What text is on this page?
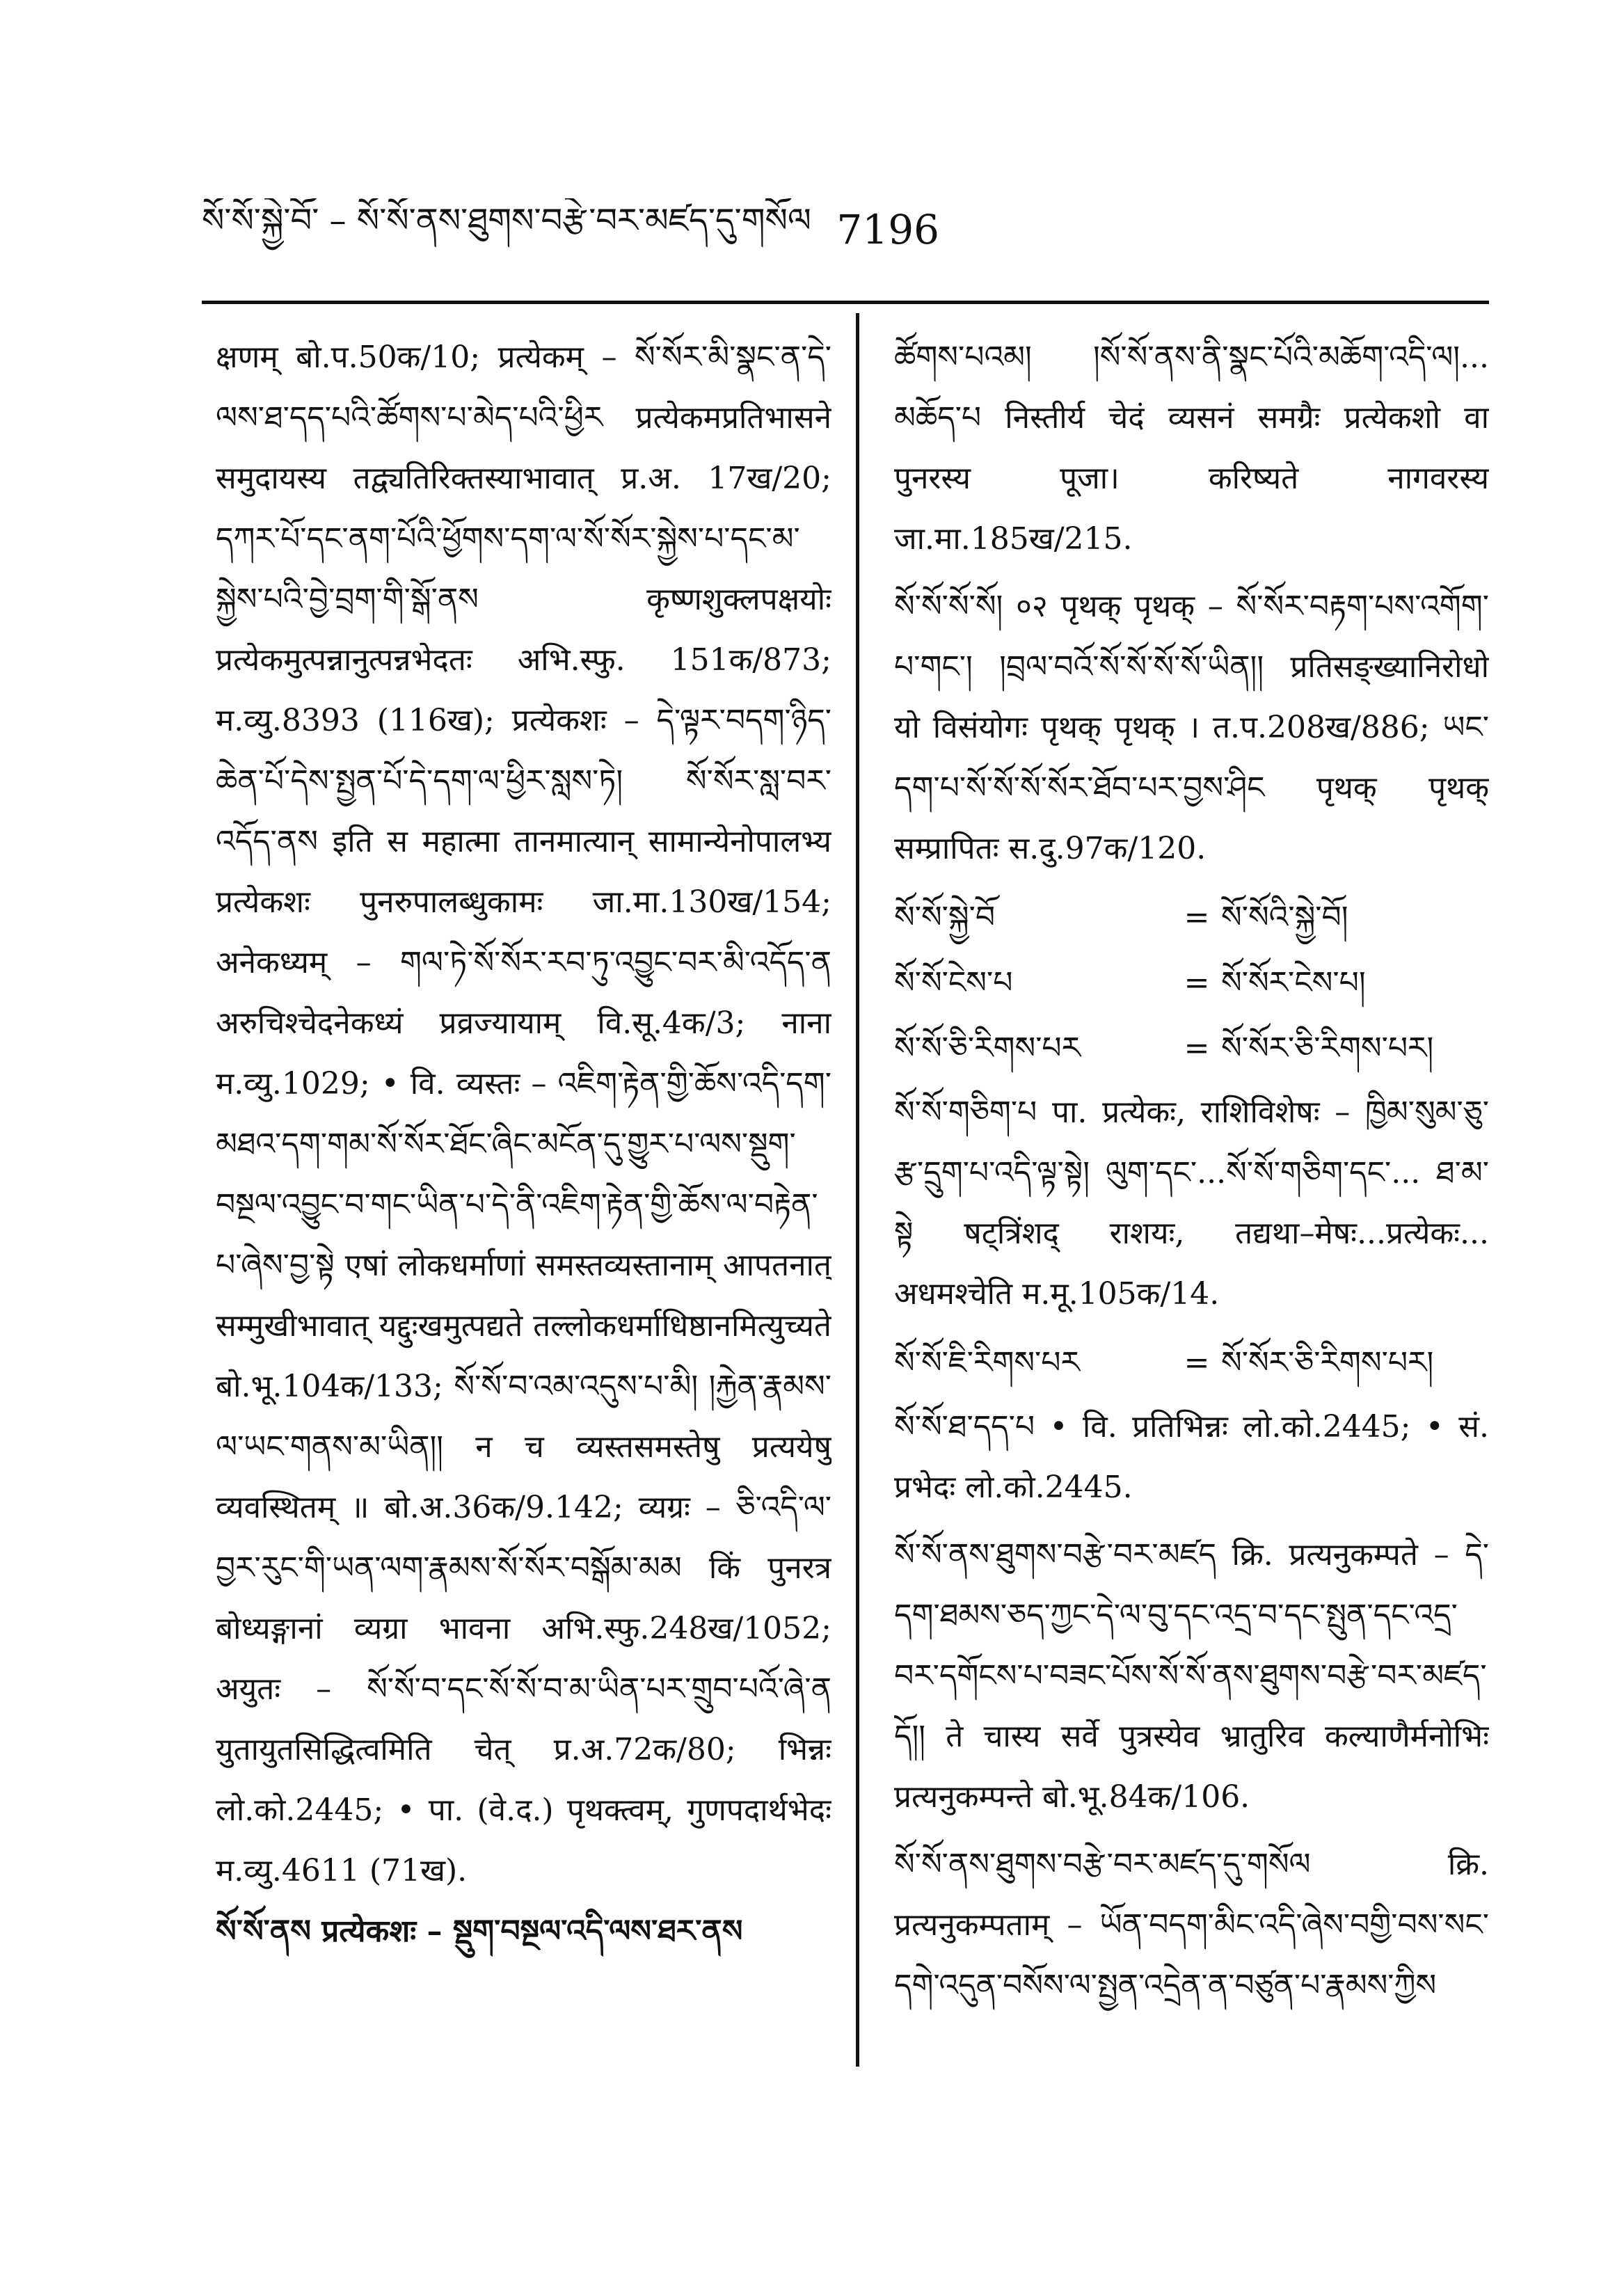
སོ་སོ་སྐྱེ་བོ་ – སོ་སོ་ནས་ཐུགས་བརྩེ་བར་མཛད་དུ་གསོལ 7196

क्षणम् बो.प.50क/10; प्रत्येकम् – སོ་སོར་མི་སྣང་ན་དེ་ལས་ཐ་དད་པའི་ཚོགས་པ་མེད་པའི་ཕྱིར प्रत्येकमप्रतिभासने समुदायस्य तद्व्यतिरिक्तस्याभावात् प्र.अ. 17ख/20; དཀར་པོ་དང་ནག་པོའི་ཕྱོགས་དག་ལ་སོ་སོར་སྐྱེས་པ་དང་མ་སྐྱེས་པའི་བྱེ་བྲག་གི་སྒོ་ནས कृष्णशुक्लपक्षयोः प्रत्येकमुत्पन्नानुत्पन्नभेदतः अभि.स्फु. 151क/873; म.व्यु.8393 (116ख); प्रत्येकशः – དེ་ལྟར་བདག་ཉིད་ཆེན་པོ་དེས་སྤྱན་པོ་དེ་དག་ལ་ཕྱིར་སླས་ཏེ། སོ་སོར་སླ་བར་འདོད་ནས इति स महात्मा तानमात्यान् सामान्येनोपालभ्य प्रत्येकशः पुनरुपालब्धुकामः जा.मा.130ख/154; अनेकध्यम् – གལ་ཏེ་སོ་སོར་རབ་ཏུ་འབྱུང་བར་མི་འདོད་ན अरुचिश्चेदनेकध्यं प्रव्रज्यायाम् वि.सू.4क/3; नाना म.व्यु.1029; • वि. व्यस्तः – འཇིག་རྟེན་གྱི་ཆོས་འདི་དག་མཐའ་དག་གམ་སོ་སོར་ཐོང་ཞིང་མངོན་དུ་གྱུར་པ་ལས་སྡུག་བསྔལ་འབྱུང་བ་གང་ཡིན་པ་དེ་ནི་འཇིག་རྟེན་གྱི་ཆོས་ལ་བརྟེན་པ་ཞེས་བྱ་སྟེ एषां लोकधर्माणां समस्तव्यस्तानाम् आपतनात् सम्मुखीभावात् यद्दुःखमुत्पद्यते तल्लोकधर्माधिष्ठानमित्युच्यते बो.भू.104क/133; སོ་སོ་བ་འམ་འདུས་པ་མི། །རྐྱེན་རྣམས་ལ་ཡང་གནས་མ་ཡིན།། न च व्यस्तसमस्तेषु प्रत्ययेषु व्यवस्थितम् ॥ बो.अ.36क/9.142; व्यग्रः – ཅི་འདི་ལ་བྱར་རུང་གི་ཡན་ལག་རྣམས་སོ་སོར་བསྒོམ་མམ किं पुनरत्र बोध्यङ्गानां व्यग्रा भावना अभि.स्फु.248ख/1052; अयुतः – སོ་སོ་བ་དང་སོ་སོ་བ་མ་ཡིན་པར་གྲུབ་པའོ་ཞེ་ན युतायुतसिद्धित्वमिति चेत् प्र.अ.72क/80; भिन्नः लो.को.2445; • पा. (वे.द.) पृथक्त्वम्, गुणपदार्थभेदः म.व्यु.4611 (71ख).

སོ་སོ་ནས प्रत्येकशः – སྡུག་བསྔལ་འདི་ལས་ཐར་ནས

ཚོགས་པའམ། །སོ་སོ་ནས་ནི་སྣང་པོའི་མཆོག་འདི་ལ།... མཆོད་པ निस्तीर्य चेदं व्यसनं समग्रैः प्रत्येकशो वा पुनरस्य पूजा। करिष्यते नागवरस्य जा.मा.185ख/215.

སོ་སོ་སོ་སོ། ०२ पृथक् पृथक् – སོ་སོར་བརྟག་པས་འགོག་པ་གང་། །བྲལ་བའོ་སོ་སོ་སོ་སོ་ཡིན།། प्रतिसङ्ख्यानिरोधो यो विसंयोगः पृथक् पृथक् । त.प.208ख/886; ཡང་དག་པ་སོ་སོ་སོ་སོར་ཐོབ་པར་བྱས་ཤིང पृथक् पृथक् सम्प्रापितः स.दु.97क/120.

སོ་སོ་སྐྱེ་བོ	= སོ་སོའི་སྐྱེ་བོ།
སོ་སོ་ངེས་པ	= སོ་སོར་ངེས་པ།
སོ་སོ་ཅི་རིགས་པར	= སོ་སོར་ཅི་རིགས་པར།

སོ་སོ་གཅིག་པ पा. प्रत्येकः, राशिविशेषः – ཁྱིམ་སུམ་ཅུ་རྩ་དྲུག་པ་འདི་ལྟ་སྟེ། ལུག་དང་...སོ་སོ་གཅིག་དང་... ཐ་མ་སྟེ षट्त्रिंशद् राशयः, तद्यथा–मेषः...प्रत्येकः... अधमश्चेति म.मू.105क/14.

སོ་སོ་ཇི་རིགས་པར	= སོ་སོར་ཅི་རིགས་པར།

སོ་སོ་ཐ་དད་པ • वि. प्रतिभिन्नः लो.को.2445; • सं. प्रभेदः लो.को.2445.

སོ་སོ་ནས་ཐུགས་བརྩེ་བར་མཛད क्रि. प्रत्यनुकम्पते – དེ་དག་ཐམས་ཅད་ཀྱང་དེ་ལ་བུ་དང་འདྲ་བ་དང་སྤུན་དང་འདྲ་བར་དགོངས་པ་བཟང་པོས་སོ་སོ་ནས་ཐུགས་བརྩེ་བར་མཛད་དོ།། ते चास्य सर्वे पुत्रस्येव भ्रातुरिव कल्याणैर्मनोभिः प्रत्यनुकम्पन्ते बो.भू.84क/106.

སོ་སོ་ནས་ཐུགས་བརྩེ་བར་མཛད་དུ་གསོལ क्रि. प्रत्यनुकम्पताम् – ཡོན་བདག་མིང་འདི་ཞེས་བགྱི་བས་སང་དགེ་འདུན་བསོས་ལ་སྤྱན་འདྲེན་ན་བཙུན་པ་རྣམས་ཀྱིས
